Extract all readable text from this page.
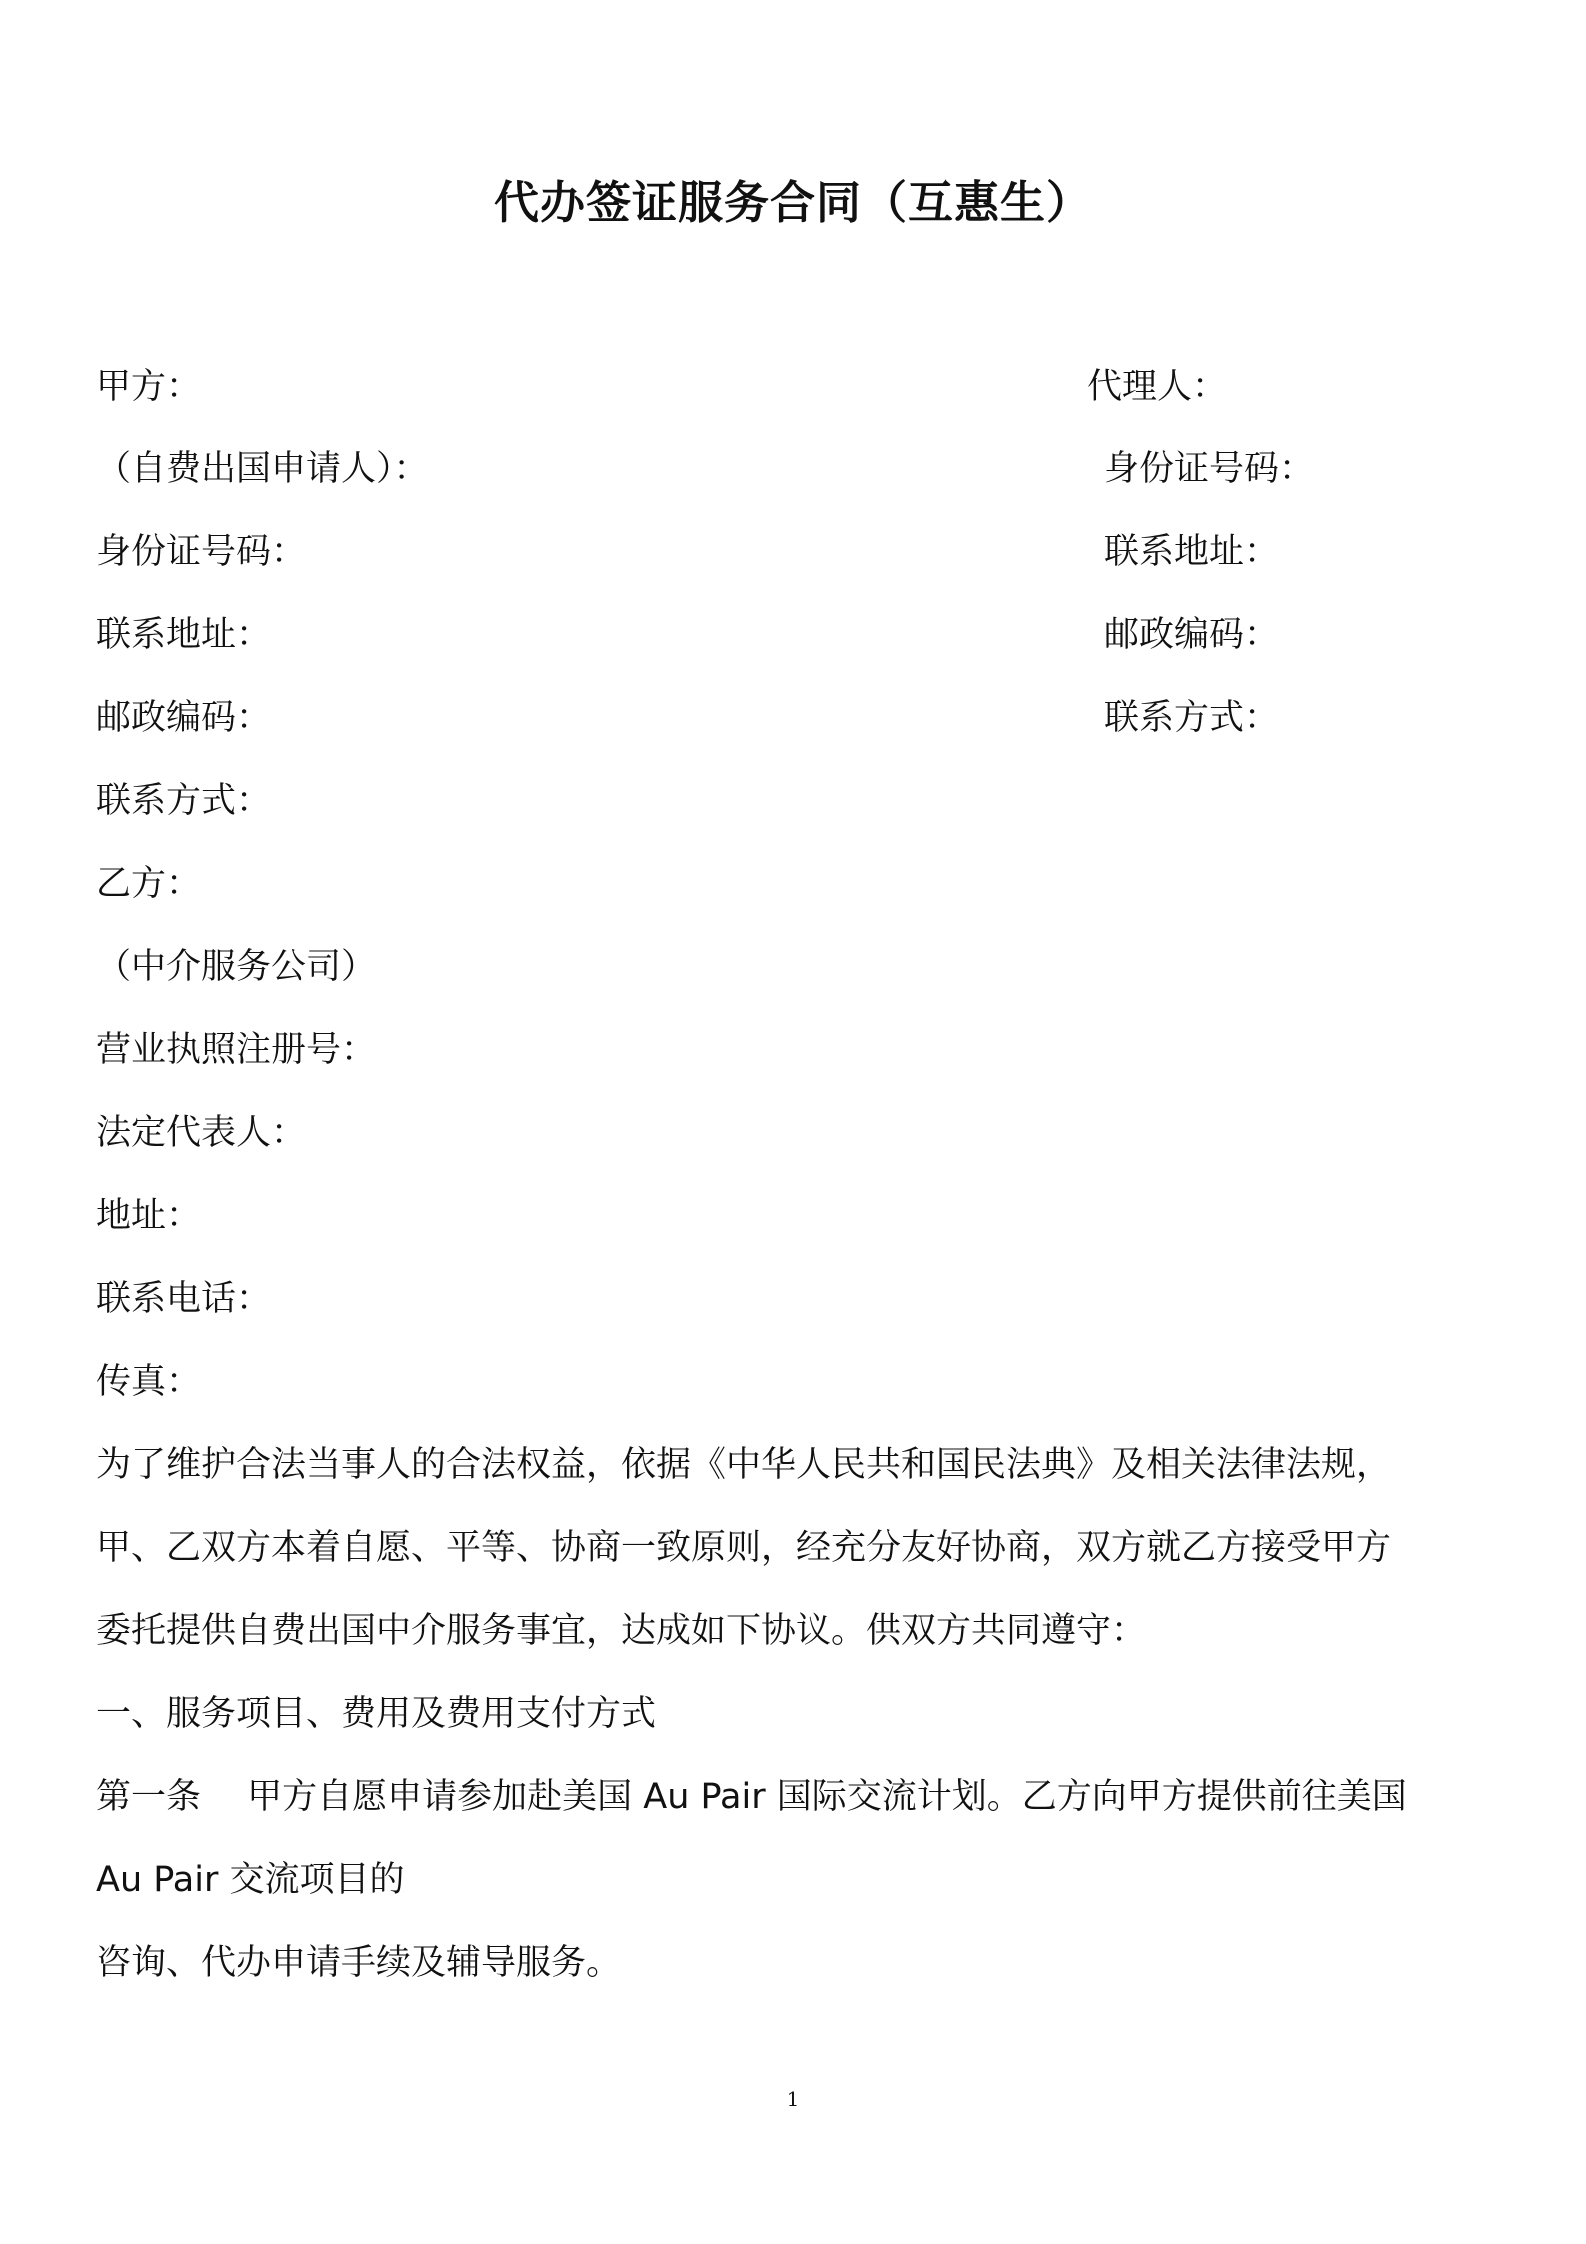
代办签证服务合同（互惠生）
甲方：
（自费出国申请人）：
身份证号码：
联系地址：
邮政编码：
联系方式：
代理人：
身份证号码：
联系地址：
邮政编码：
联系方式：
乙方：
（中介服务公司）
营业执照注册号：
法定代表人：
地址：
联系电话：
传真：
为了维护合法当事人的合法权益，依据《中华人民共和国民法典》及相关法律法规，
甲、乙双方本着自愿、平等、协商一致原则，经充分友好协商，双方就乙方接受甲方
委托提供自费出国中介服务事宜，达成如下协议。供双方共同遵守：
一、服务项目、费用及费用支付方式
第一条　 甲方自愿申请参加赴美国 Au Pair 国际交流计划。乙方向甲方提供前往美国
Au Pair 交流项目的
咨询、代办申请手续及辅导服务。
1
